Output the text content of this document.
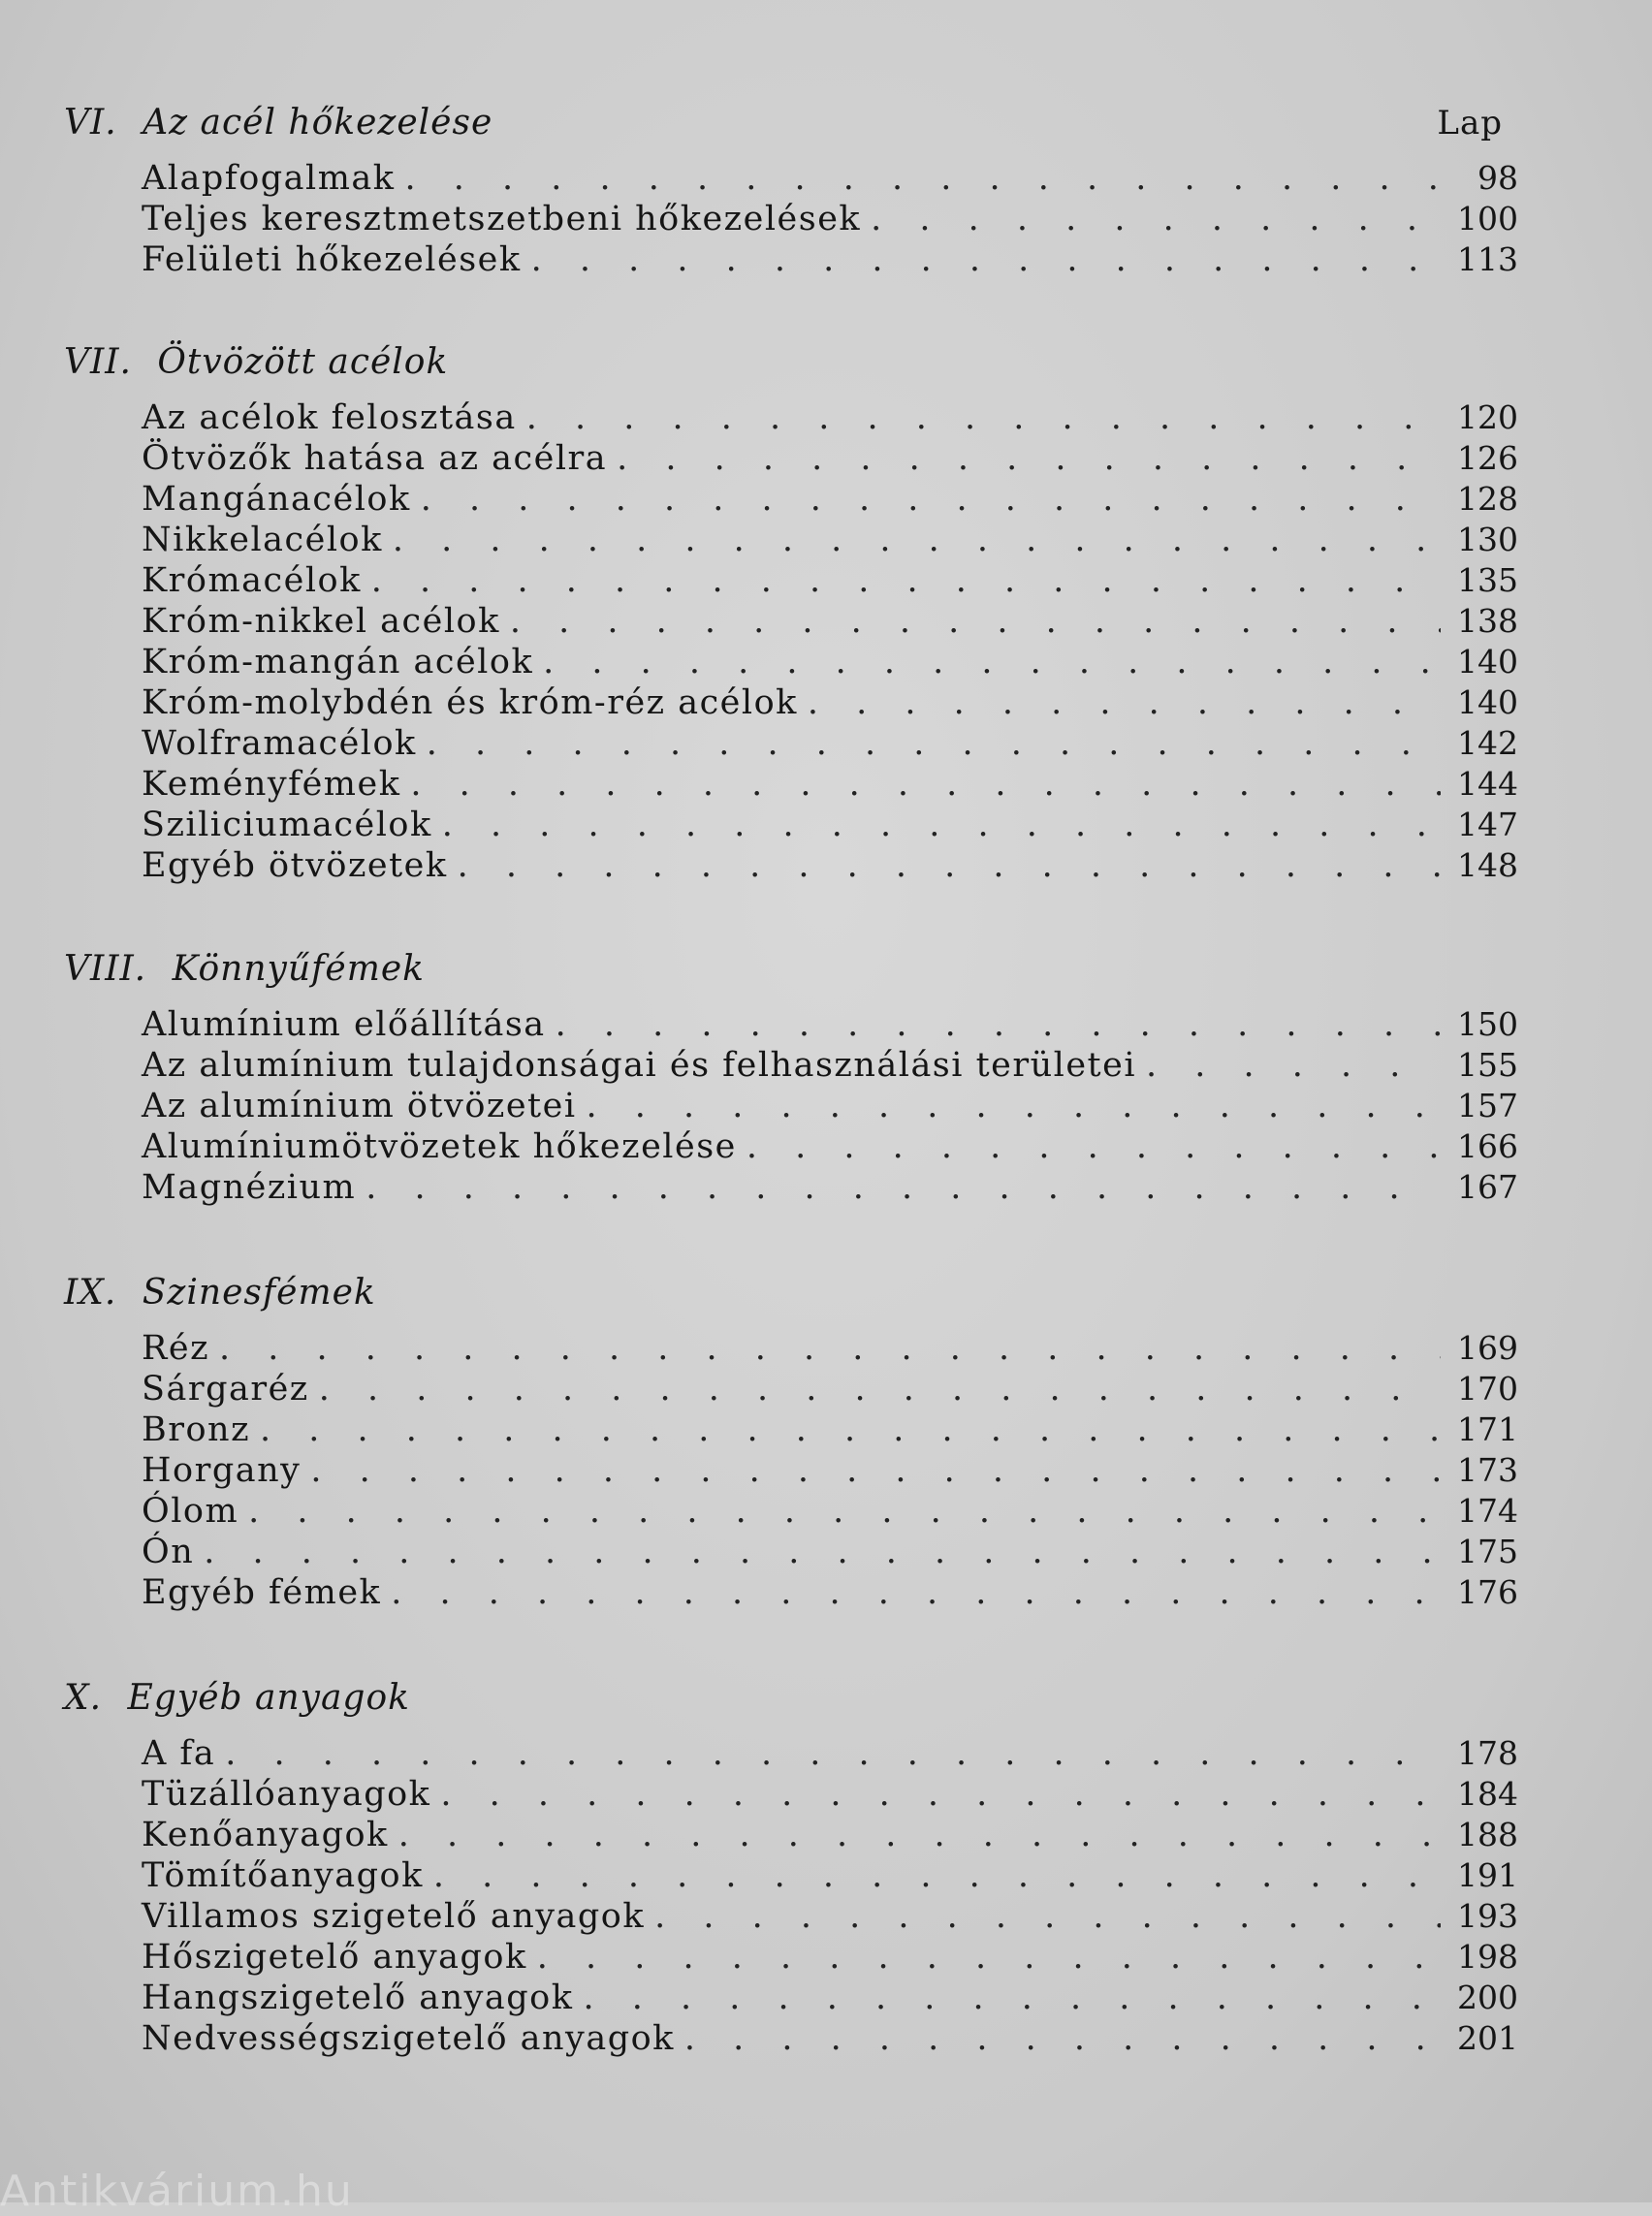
VI. Az acél hőkezelése	Lap
Alapfogalmak . . .	98
Teljes keresztmetszetbeni hőkezelések . . .	100
Felületi hőkezelések . . .	113
VII. Ötvözött acélok
Az acélok felosztása . . .	120
Ötvözők hatása az acélra . . .	126
Mangánacélok . . .	128
Nikkelacélok . . .	130
Krómacélok . . .	135
Króm-nikkel acélok . . .	138
Króm-mangán acélok . . .	140
Króm-molybdén és króm-réz acélok . . .	140
Wolframacélok . . .	142
Keményfémek . . .	144
Sziliciumacélok . . .	147
Egyéb ötvözetek . . .	148
VIII. Könnyűfémek
Alumínium előállítása . . .	150
Az alumínium tulajdonságai és felhasználási területei . . .	155
Az alumínium ötvözetei . . .	157
Alumíniumötvözetek hőkezelése . . .	166
Magnézium . . .	167
IX. Szinesfémek
Réz . . .	169
Sárgaréz . . .	170
Bronz . . .	171
Horgany . . .	173
Ólom . . .	174
Ón . . .	175
Egyéb fémek . . .	176
X. Egyéb anyagok
A fa . . .	178
Tüzállóanyagok . . .	184
Kenőanyagok . . .	188
Tömítőanyagok . . .	191
Villamos szigetelő anyagok . . .	193
Hőszigetelő anyagok . . .	198
Hangszigetelő anyagok . . .	200
Nedvességszigetelő anyagok . . .	201
Antikvárium.hu
